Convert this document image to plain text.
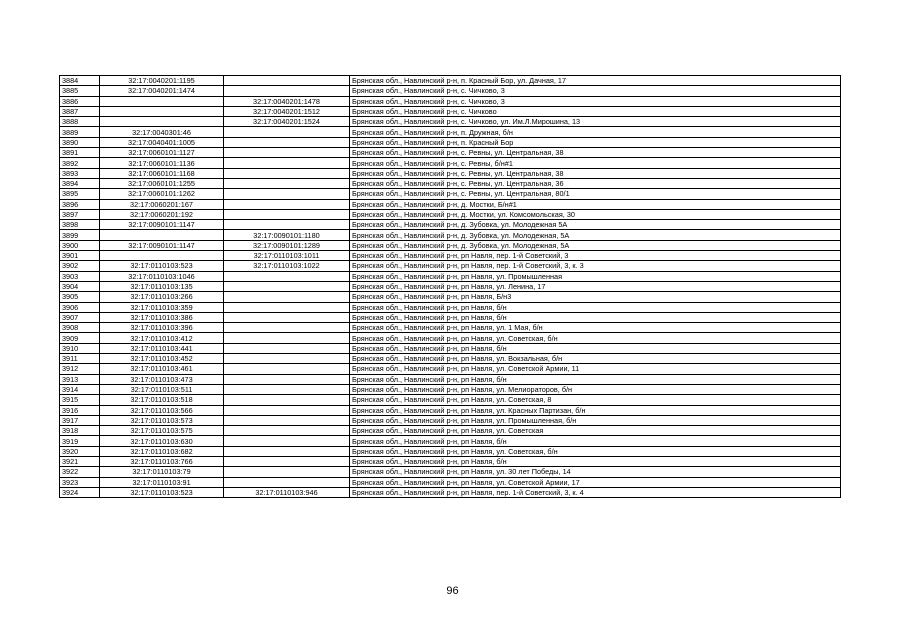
3884	32:17:0040201:1195		Брянская обл., Навлинский р-н, п. Красный Бор, ул. Дачная, 17
3885	32:17:0040201:1474		Брянская обл., Навлинский р-н, с. Чичково, 3
3886		32:17:0040201:1478	Брянская обл., Навлинский р-н, с. Чичково, 3
3887		32:17:0040201:1512	Брянская обл., Навлинский р-н, с. Чичково
3888		32:17:0040201:1524	Брянская обл., Навлинский р-н, с. Чичково, ул. Им.Л.Мирошина, 13
3889	32:17:0040301:46		Брянская обл., Навлинский р-н, п. Дружная, б/н
3890	32:17:0040401:1005		Брянская обл., Навлинский р-н, п. Красный Бор
3891	32:17:0060101:1127		Брянская обл., Навлинский р-н, с. Ревны, ул. Центральная, 38
3892	32:17:0060101:1136		Брянская обл., Навлинский р-н, с. Ревны, б/н#1
3893	32:17:0060101:1168		Брянская обл., Навлинский р-н, с. Ревны, ул. Центральная, 38
3894	32:17:0060101:1255		Брянская обл., Навлинский р-н, с. Ревны, ул. Центральная, 36
3895	32:17:0060101:1262		Брянская обл., Навлинский р-н, с. Ревны, ул. Центральная, 80/1
3896	32:17:0060201:167		Брянская обл., Навлинский р-н, д. Мостки, Б/н#1
3897	32:17:0060201:192		Брянская обл., Навлинский р-н, д. Мостки, ул. Комсомольская, 30
3898	32:17:0090101:1147		Брянская обл., Навлинский р-н, д. Зубовка, ул. Молодежная 5А
3899		32:17:0090101:1180	Брянская обл., Навлинский р-н, д. Зубовка, ул. Молодежная, 5А
3900	32:17:0090101:1147	32:17:0090101:1289	Брянская обл., Навлинский р-н, д. Зубовка, ул. Молодежная, 5А
3901		32:17:0110103:1011	Брянская обл., Навлинский р-н, рп Навля, пер. 1-й Советский, 3
3902	32:17:0110103:523	32:17:0110103:1022	Брянская обл., Навлинский р-н, рп Навля, пер. 1-й Советский, 3, к. 3
3903	32:17:0110103:1046		Брянская обл., Навлинский р-н, рп Навля, ул. Промышленная
3904	32:17:0110103:135		Брянская обл., Навлинский р-н, рп Навля, ул. Ленина, 17
3905	32:17:0110103:266		Брянская обл., Навлинский р-н, рп Навля, Б/н3
3906	32:17:0110103:359		Брянская обл., Навлинский р-н, рп Навля, б/н
3907	32:17:0110103:386		Брянская обл., Навлинский р-н, рп Навля, б/н
3908	32:17:0110103:396		Брянская обл., Навлинский р-н, рп Навля, ул. 1 Мая, б/н
3909	32:17:0110103:412		Брянская обл., Навлинский р-н, рп Навля, ул. Советская, б/н
3910	32:17:0110103:441		Брянская обл., Навлинский р-н, рп Навля, б/н
3911	32:17:0110103:452		Брянская обл., Навлинский р-н, рп Навля, ул. Вокзальная, б/н
3912	32:17:0110103:461		Брянская обл., Навлинский р-н, рп Навля, ул. Советской Армии, 11
3913	32:17:0110103:473		Брянская обл., Навлинский р-н, рп Навля, б/н
3914	32:17:0110103:511		Брянская обл., Навлинский р-н, рп Навля, ул. Мелиораторов, б/н
3915	32:17:0110103:518		Брянская обл., Навлинский р-н, рп Навля, ул. Советская, 8
3916	32:17:0110103:566		Брянская обл., Навлинский р-н, рп Навля, ул. Красных Партизан, б/н
3917	32:17:0110103:573		Брянская обл., Навлинский р-н, рп Навля, ул. Промышленная, б/н
3918	32:17:0110103:575		Брянская обл., Навлинский р-н, рп Навля, ул. Советская
3919	32:17:0110103:630		Брянская обл., Навлинский р-н, рп Навля, б/н
3920	32:17:0110103:682		Брянская обл., Навлинский р-н, рп Навля, ул. Советская, б/н
3921	32:17:0110103:766		Брянская обл., Навлинский р-н, рп Навля, б/н
3922	32:17:0110103:79		Брянская обл., Навлинский р-н, рп Навля, ул. 30 лет Победы, 14
3923	32:17:0110103:91		Брянская обл., Навлинский р-н, рп Навля, ул. Советской Армии, 17
3924	32:17:0110103:523	32:17:0110103:946	Брянская обл., Навлинский р-н, рп Навля, пер. 1-й Советский, 3, к. 4
96
